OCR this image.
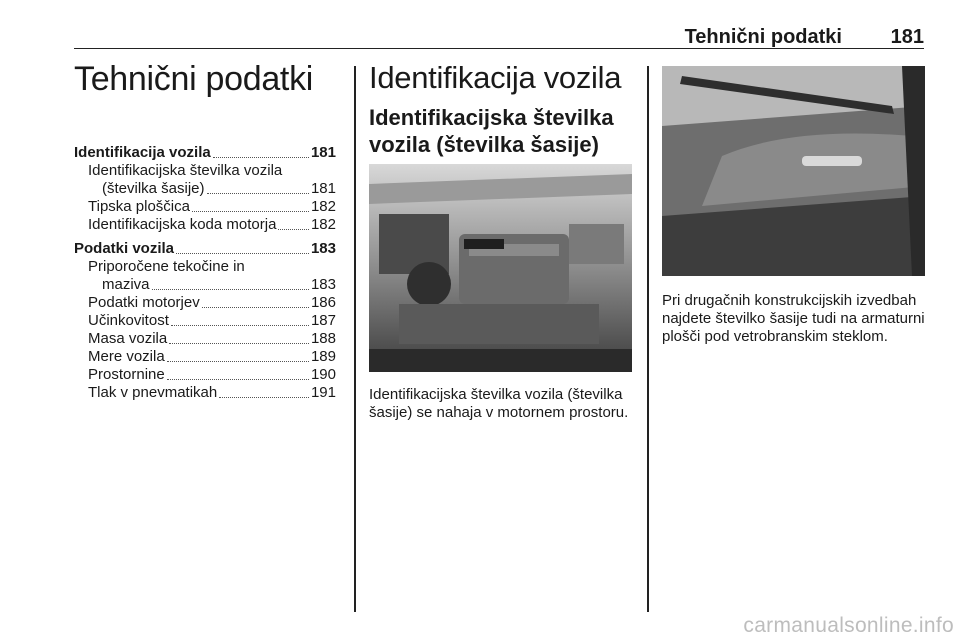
Tehnični podatki 181
Tehnični podatki
Identifikacija vozila	181
Identifikacijska številka vozila
(številka šasije)	181
Tipska ploščica	182
Identifikacijska koda motorja 182
Podatki vozila	183
Priporočene tekočine in
maziva	183
Podatki motorjev	186
Učinkovitost	187
Masa vozila	188
Mere vozila	189
Prostornine	190
Tlak v pnevmatikah	191
Identifikacija vozila
Identifikacijska številka vozila (številka šasije)
Identifikacijska številka vozila (številka šasije) se nahaja v motornem prostoru.
Pri drugačnih konstrukcijskih izvedbah najdete številko šasije tudi na armaturni plošči pod vetrobranskim steklom.
carmanualsonline.info
